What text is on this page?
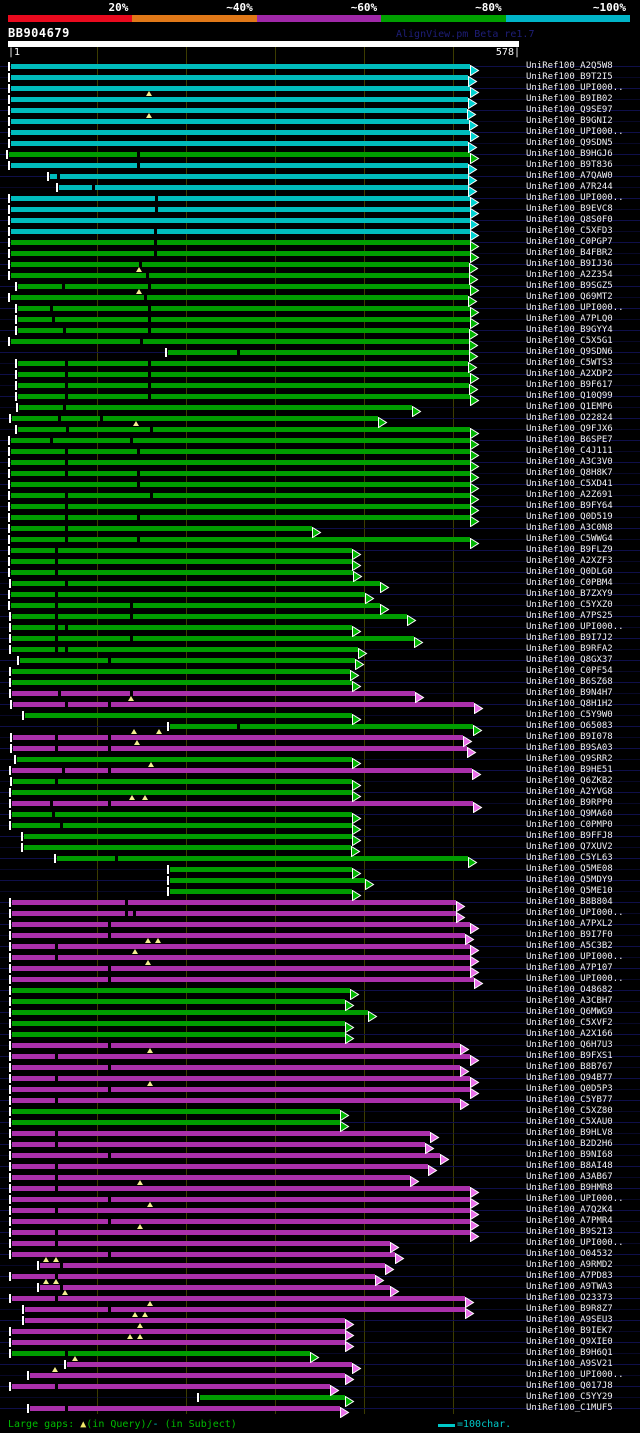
20%	~40%	~60%	~80%	~100%
BB904679	AlignView.pm Beta re1.7
|1	578|
UniRef100_A2Q5W8
UniRef100_B9T2I5
UniRef100_UPI000..
UniRef100_B9IB02
UniRef100_Q9SE97
UniRef100_B9GNI2
UniRef100_UPI000..
UniRef100_Q9SDN5
UniRef100_B9HGJ6
UniRef100_B9T836
UniRef100_A7QAW0
UniRef100_A7R244
UniRef100_UPI000..
UniRef100_B9EVC8
UniRef100_Q8S0F0
UniRef100_C5XFD3
UniRef100_C0PGP7
UniRef100_B4FBR2
UniRef100_B9IJ36
UniRef100_A2Z354
UniRef100_B9SGZ5
UniRef100_Q69MT2
UniRef100_UPI000..
UniRef100_A7PLQ0
UniRef100_B9GYY4
UniRef100_C5X5G1
UniRef100_Q9SDN6
UniRef100_C5WTS3
UniRef100_A2XDP2
UniRef100_B9F617
UniRef100_Q10Q99
UniRef100_Q1EMP6
UniRef100_O22824
UniRef100_Q9FJX6
UniRef100_B6SPE7
UniRef100_C4J111
UniRef100_A3C3V0
UniRef100_Q8H8K7
UniRef100_C5XD41
UniRef100_A2Z691
UniRef100_B9FY64
UniRef100_Q0D519
UniRef100_A3C0N8
UniRef100_C5WWG4
UniRef100_B9FLZ9
UniRef100_A2XZF3
UniRef100_Q0DLG0
UniRef100_C0PBM4
UniRef100_B7ZXY9
UniRef100_C5YXZ0
UniRef100_A7PS25
UniRef100_UPI000..
UniRef100_B9I7J2
UniRef100_B9RFA2
UniRef100_Q8GX37
UniRef100_C0PF54
UniRef100_B6SZ68
UniRef100_B9N4H7
UniRef100_Q8H1H2
UniRef100_C5Y9W0
UniRef100_O65083
UniRef100_B9I078
UniRef100_B9SA03
UniRef100_Q9SRR2
UniRef100_B9HE51
UniRef100_Q6ZKB2
UniRef100_A2YVG8
UniRef100_B9RPP0
UniRef100_Q9MA60
UniRef100_C0PMP0
UniRef100_B9FFJ8
UniRef100_Q7XUV2
UniRef100_C5YL63
UniRef100_Q5ME08
UniRef100_Q5MDY9
UniRef100_Q5ME10
UniRef100_B8B804
UniRef100_UPI000..
UniRef100_A7PXL2
UniRef100_B9I7F0
UniRef100_A5C3B2
UniRef100_UPI000..
UniRef100_A7P107
UniRef100_UPI000..
UniRef100_O48682
UniRef100_A3CBH7
UniRef100_Q6MWG9
UniRef100_C5XVF2
UniRef100_A2X166
UniRef100_Q6H7U3
UniRef100_B9FXS1
UniRef100_B8B767
UniRef100_Q94B77
UniRef100_Q0D5P3
UniRef100_C5YB77
UniRef100_C5XZ80
UniRef100_C5XAU0
UniRef100_B9HLV8
UniRef100_B2D2H6
UniRef100_B9NI68
UniRef100_B8AI48
UniRef100_A3AB67
UniRef100_B9HMR8
UniRef100_UPI000..
UniRef100_A7Q2K4
UniRef100_A7PMR4
UniRef100_B9S2I3
UniRef100_UPI000..
UniRef100_O04532
UniRef100_A9RMD2
UniRef100_A7PD83
UniRef100_A9TWA3
UniRef100_O23373
UniRef100_B9R8Z7
UniRef100_A9SEU3
UniRef100_B9IEK7
UniRef100_Q9XIE0
UniRef100_B9H6Q1
UniRef100_A9SV21
UniRef100_UPI000..
UniRef100_Q017J8
UniRef100_C5YY29
UniRef100_C1MUF5
Large gaps: ▲(in Query)/- (in Subject)	=100char.
